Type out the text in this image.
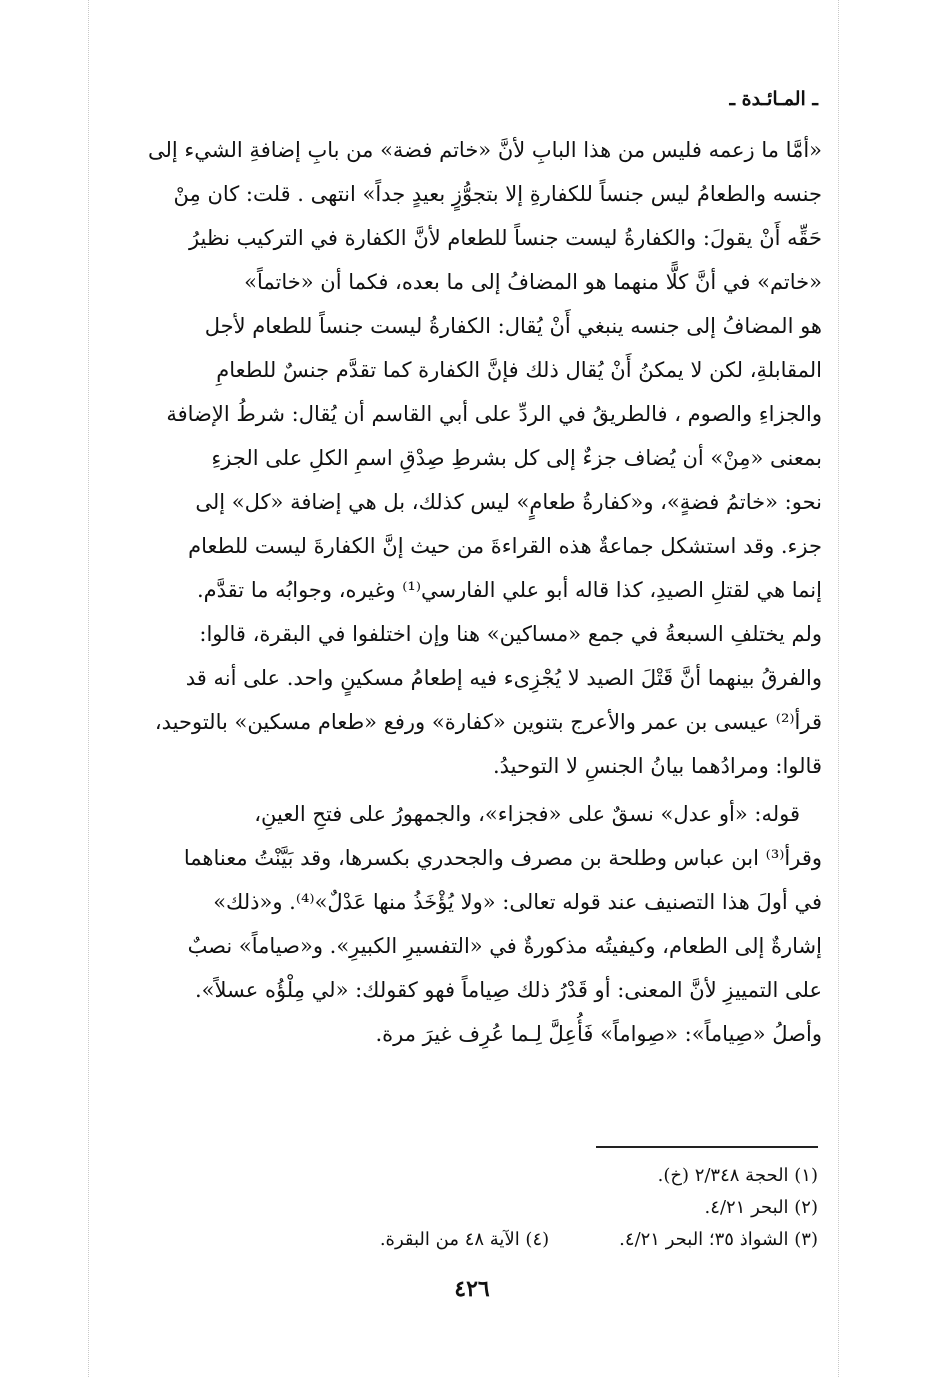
ـ المـائـدة ـ

«أمَّا ما زعمه فليس من هذا البابِ لأنَّ «خاتم فضة» من بابِ إضافةِ الشيء إلى

جنسه والطعامُ ليس جنساً للكفارةِ إلا بتجوُّزٍ بعيدٍ جداً» انتهى . قلت: كان مِنْ

حَقِّه أَنْ يقولَ: والكفارةُ ليست جنساً للطعام لأنَّ الكفارة في التركيب نظيرُ

«خاتم» في أنَّ كلًّا منهما هو المضافُ إلى ما بعده، فكما أن «خاتماً»

هو المضافُ إلى جنسه ينبغي أَنْ يُقال: الكفارةُ ليست جنساً للطعام لأجل

المقابلةِ، لكن لا يمكنُ أَنْ يُقال ذلك فإنَّ الكفارة كما تقدَّم جنسٌ للطعامِ

والجزاءِ والصوم ، فالطريقُ في الردِّ على أبي القاسم أن يُقال: شرطُ الإضافة

بمعنى «مِنْ» أن يُضاف جزءٌ إلى كل بشرطِ صِدْقِ اسمِ الكلِ على الجزءِ

نحو: «خاتمُ فضةٍ»، و«كفارةُ طعامٍ» ليس كذلك، بل هي إضافة «كل» إلى

جزء. وقد استشكل جماعةٌ هذه القراءةَ من حيث إنَّ الكفارةَ ليست للطعام

إنما هي لقتلِ الصيدِ، كذا قاله أبو علي الفارسي⁽¹⁾ وغيره، وجوابُه ما تقدَّم.

ولم يختلفِ السبعةُ في جمع «مساكين» هنا وإن اختلفوا في البقرة، قالوا:

والفرقُ بينهما أنَّ قَتْلَ الصيد لا يُجْزِىء فيه إطعامُ مسكينٍ واحد. على أنه قد

قرأ⁽²⁾ عيسى بن عمر والأعرج بتنوين «كفارة» ورفع «طعام مسكين» بالتوحيد،

قالوا: ومرادُهما بيانُ الجنسِ لا التوحيدُ.

قوله: «أو عدل» نسقٌ على «فجزاء»، والجمهورُ على فتحِ العينِ،

وقرأ⁽³⁾ ابن عباس وطلحة بن مصرف والجحدري بكسرها، وقد بَيَّنْتُ معناهما

في أولَ هذا التصنيف عند قوله تعالى: «ولا يُؤْخَذُ منها عَدْلٌ»⁽⁴⁾. و«ذلك»

إشارةٌ إلى الطعام، وكيفيتُه مذكورةٌ في «التفسيرِ الكبيرِ». و«صياماً» نصبٌ

على التمييزِ لأنَّ المعنى: أو قَدْرُ ذلك صِياماً فهو كقولك: «لي مِلْؤُه عسلاً».

وأصلُ «صِياماً»: «صِواماً» فَأُعِلَّ لِـما عُرِف غيرَ مرة.

(١) الحجة ٢/٣٤٨ (خ).
(٢) البحر ٤/٢١.
(٣) الشواذ ٣٥؛ البحر ٤/٢١.
(٤) الآية ٤٨ من البقرة.
٤٢٦
